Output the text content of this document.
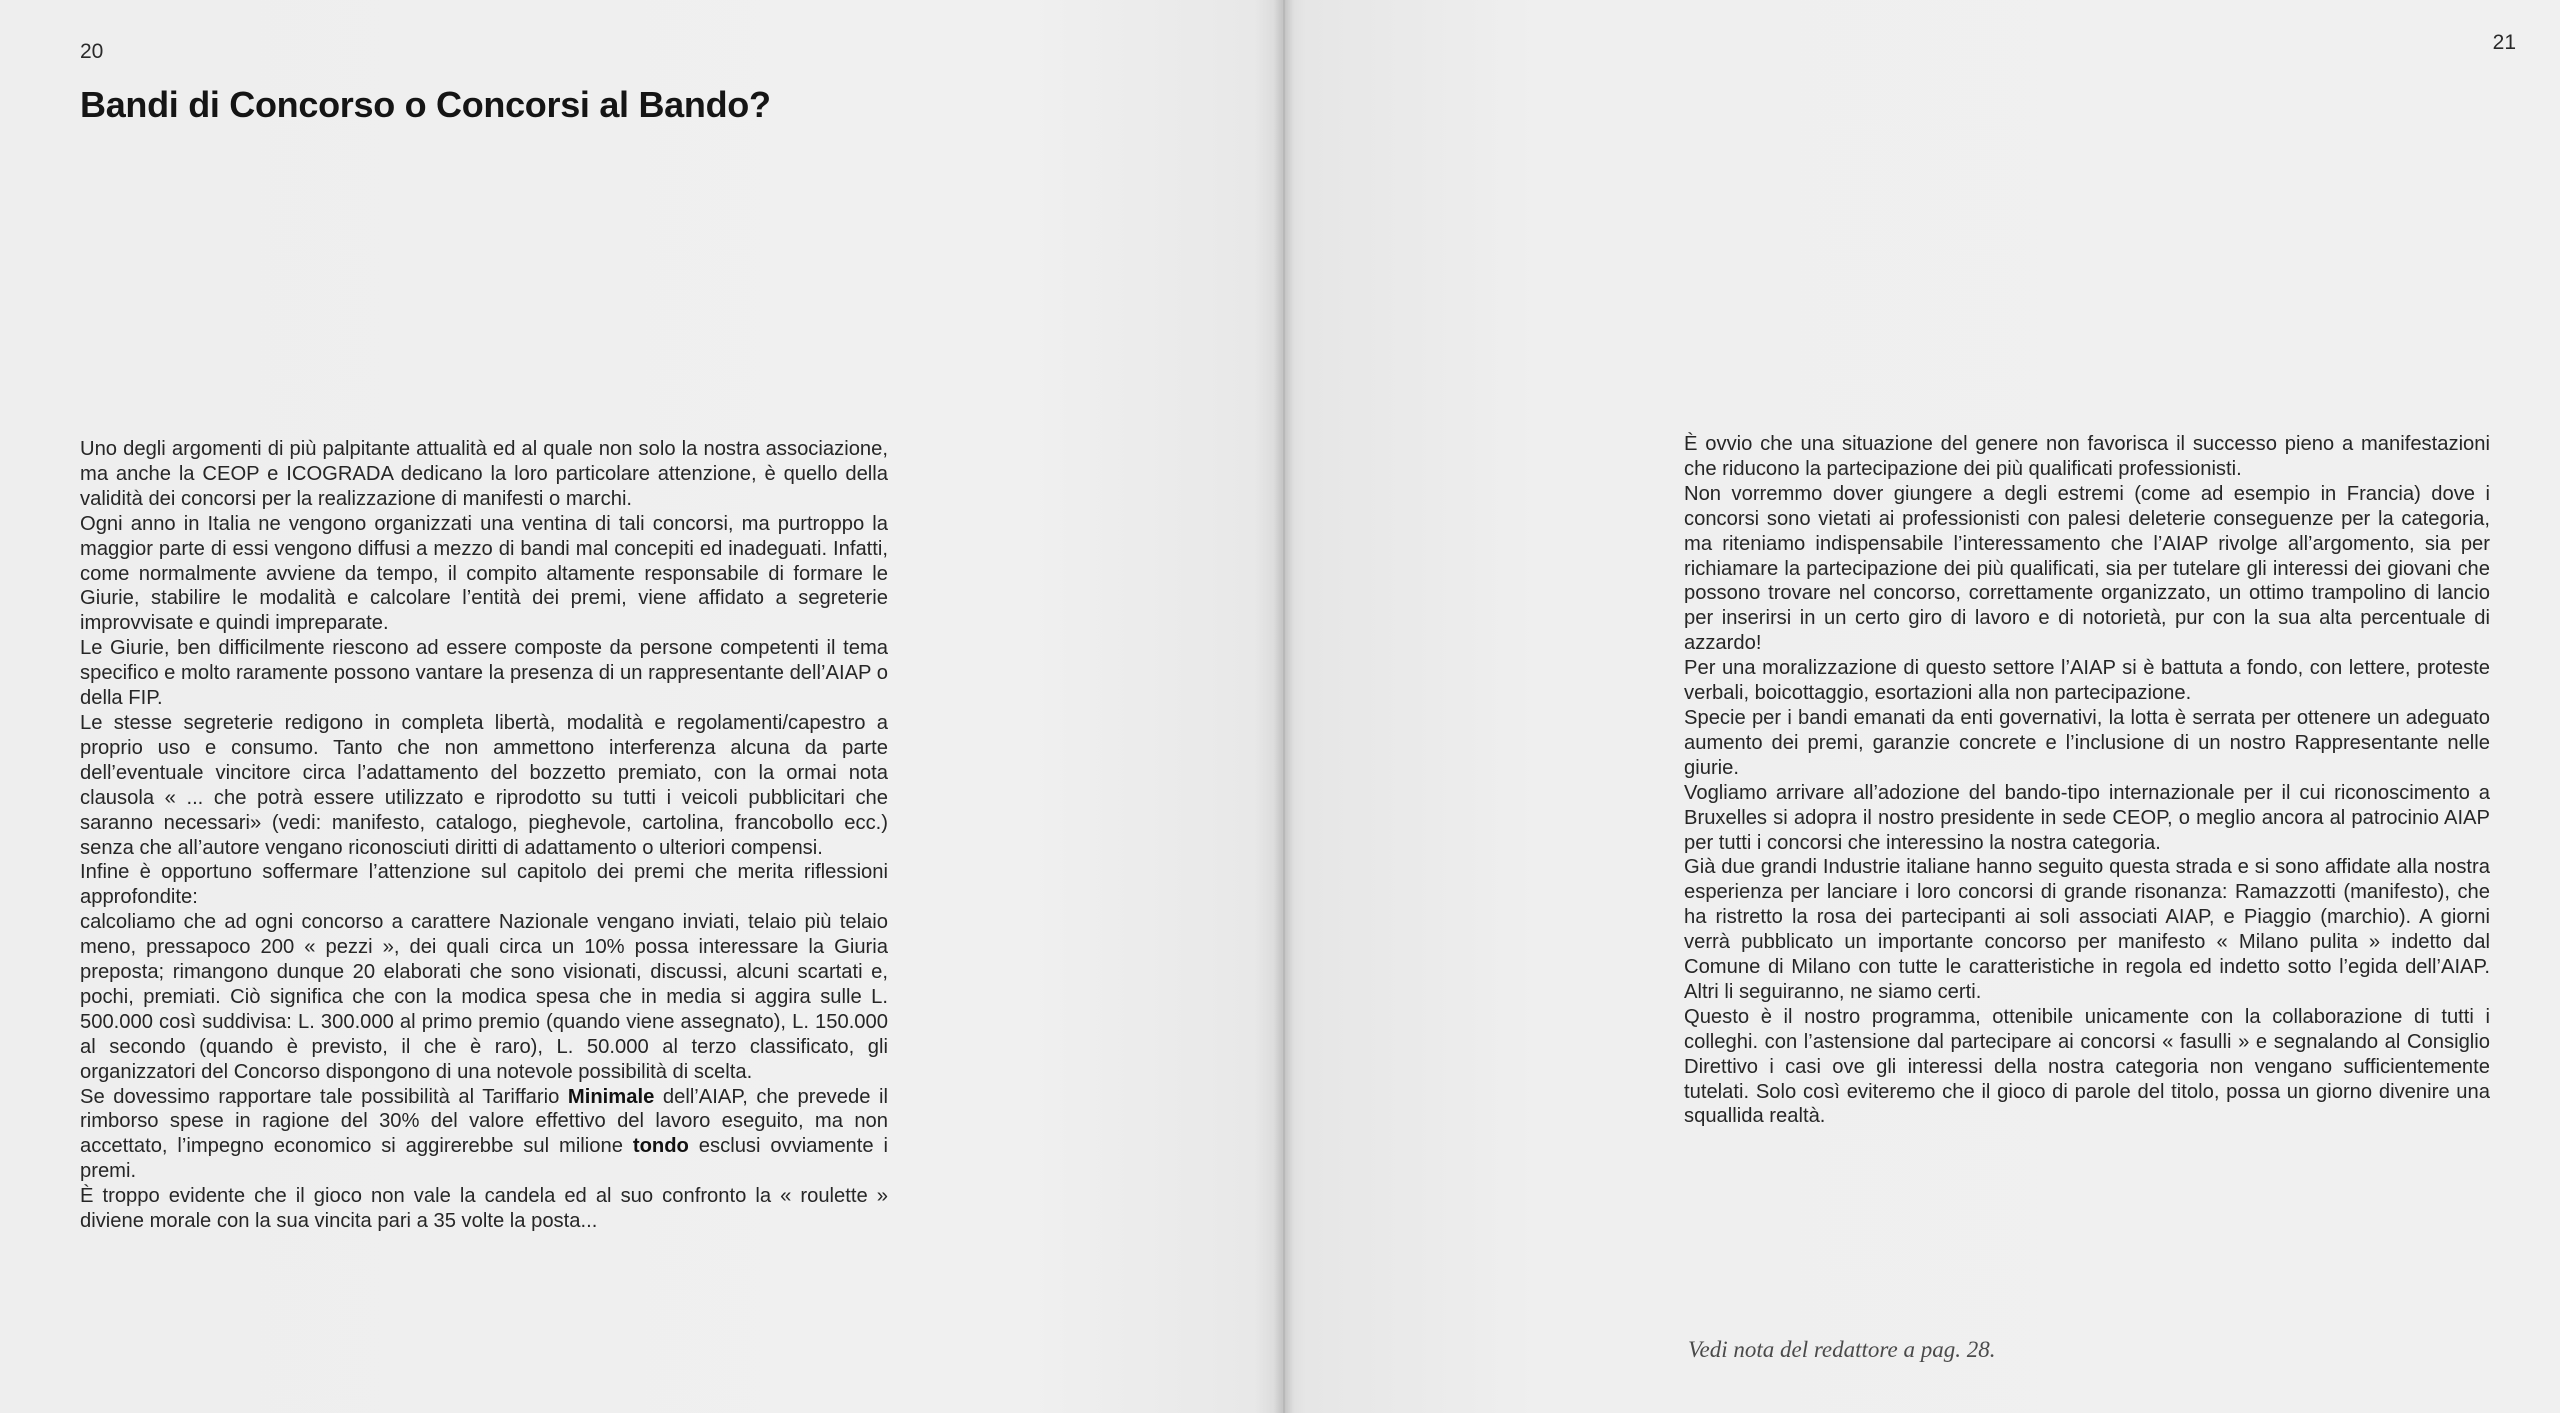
20
Bandi di Concorso o Concorsi al Bando?

Uno degli argomenti di più palpitante attualità ed al quale non solo la nostra associazione, ma anche la CEOP e ICOGRADA dedicano la loro particolare attenzione, è quello della validità dei concorsi per la realizzazione di manifesti o marchi.

Ogni anno in Italia ne vengono organizzati una ventina di tali concorsi, ma purtroppo la maggior parte di essi vengono diffusi a mezzo di bandi mal concepiti ed inadeguati. Infatti, come normalmente avviene da tempo, il compito altamente responsabile di formare le Giurie, stabilire le modalità e calcolare l’entità dei premi, viene affidato a segreterie improvvisate e quindi impreparate.

Le Giurie, ben difficilmente riescono ad essere composte da persone competenti il tema specifico e molto raramente possono vantare la presenza di un rappresentante dell’AIAP o della FIP.

Le stesse segreterie redigono in completa libertà, modalità e regolamenti/capestro a proprio uso e consumo. Tanto che non ammettono interferenza alcuna da parte dell’eventuale vincitore circa l’adattamento del bozzetto premiato, con la ormai nota clausola « ... che potrà essere utilizzato e riprodotto su tutti i veicoli pubblicitari che saranno necessari» (vedi: manifesto, catalogo, pieghevole, cartolina, francobollo ecc.) senza che all’autore vengano riconosciuti diritti di adattamento o ulteriori compensi.

Infine è opportuno soffermare l’attenzione sul capitolo dei premi che merita riflessioni approfondite:

calcoliamo che ad ogni concorso a carattere Nazionale vengano inviati, telaio più telaio meno, pressapoco 200 « pezzi », dei quali circa un 10% possa interessare la Giuria preposta; rimangono dunque 20 elaborati che sono visionati, discussi, alcuni scartati e, pochi, premiati. Ciò significa che con la modica spesa che in media si aggira sulle L. 500.000 così suddivisa: L. 300.000 al primo premio (quando viene assegnato), L. 150.000 al secondo (quando è previsto, il che è raro), L. 50.000 al terzo classificato, gli organizzatori del Concorso dispongono di una notevole possibilità di scelta.

Se dovessimo rapportare tale possibilità al Tariffario Minimale dell’AIAP, che prevede il rimborso spese in ragione del 30% del valore effettivo del lavoro eseguito, ma non accettato, l’impegno economico si aggirerebbe sul milione tondo esclusi ovviamente i premi.

È troppo evidente che il gioco non vale la candela ed al suo confronto la « roulette » diviene morale con la sua vincita pari a 35 volte la posta...

21

È ovvio che una situazione del genere non favorisca il successo pieno a manifestazioni che riducono la partecipazione dei più qualificati professionisti.

Non vorremmo dover giungere a degli estremi (come ad esempio in Francia) dove i concorsi sono vietati ai professionisti con palesi deleterie conseguenze per la categoria, ma riteniamo indispensabile l’interessamento che l’AIAP rivolge all’argomento, sia per richiamare la partecipazione dei più qualificati, sia per tutelare gli interessi dei giovani che possono trovare nel concorso, correttamente organizzato, un ottimo trampolino di lancio per inserirsi in un certo giro di lavoro e di notorietà, pur con la sua alta percentuale di azzardo!

Per una moralizzazione di questo settore l’AIAP si è battuta a fondo, con lettere, proteste verbali, boicottaggio, esortazioni alla non partecipazione.

Specie per i bandi emanati da enti governativi, la lotta è serrata per ottenere un adeguato aumento dei premi, garanzie concrete e l’inclusione di un nostro Rappresentante nelle giurie.

Vogliamo arrivare all’adozione del bando-tipo internazionale per il cui riconoscimento a Bruxelles si adopra il nostro presidente in sede CEOP, o meglio ancora al patrocinio AIAP per tutti i concorsi che interessino la nostra categoria.

Già due grandi Industrie italiane hanno seguito questa strada e si sono affidate alla nostra esperienza per lanciare i loro concorsi di grande risonanza: Ramazzotti (manifesto), che ha ristretto la rosa dei partecipanti ai soli associati AIAP, e Piaggio (marchio). A giorni verrà pubblicato un importante concorso per manifesto « Milano pulita » indetto dal Comune di Milano con tutte le caratteristiche in regola ed indetto sotto l’egida dell’AIAP. Altri li seguiranno, ne siamo certi.

Questo è il nostro programma, ottenibile unicamente con la collaborazione di tutti i colleghi. con l’astensione dal partecipare ai concorsi « fasulli » e segnalando al Consiglio Direttivo i casi ove gli interessi della nostra categoria non vengano sufficientemente tutelati. Solo così eviteremo che il gioco di parole del titolo, possa un giorno divenire una squallida realtà.

Vedi nota del redattore a pag. 28.
